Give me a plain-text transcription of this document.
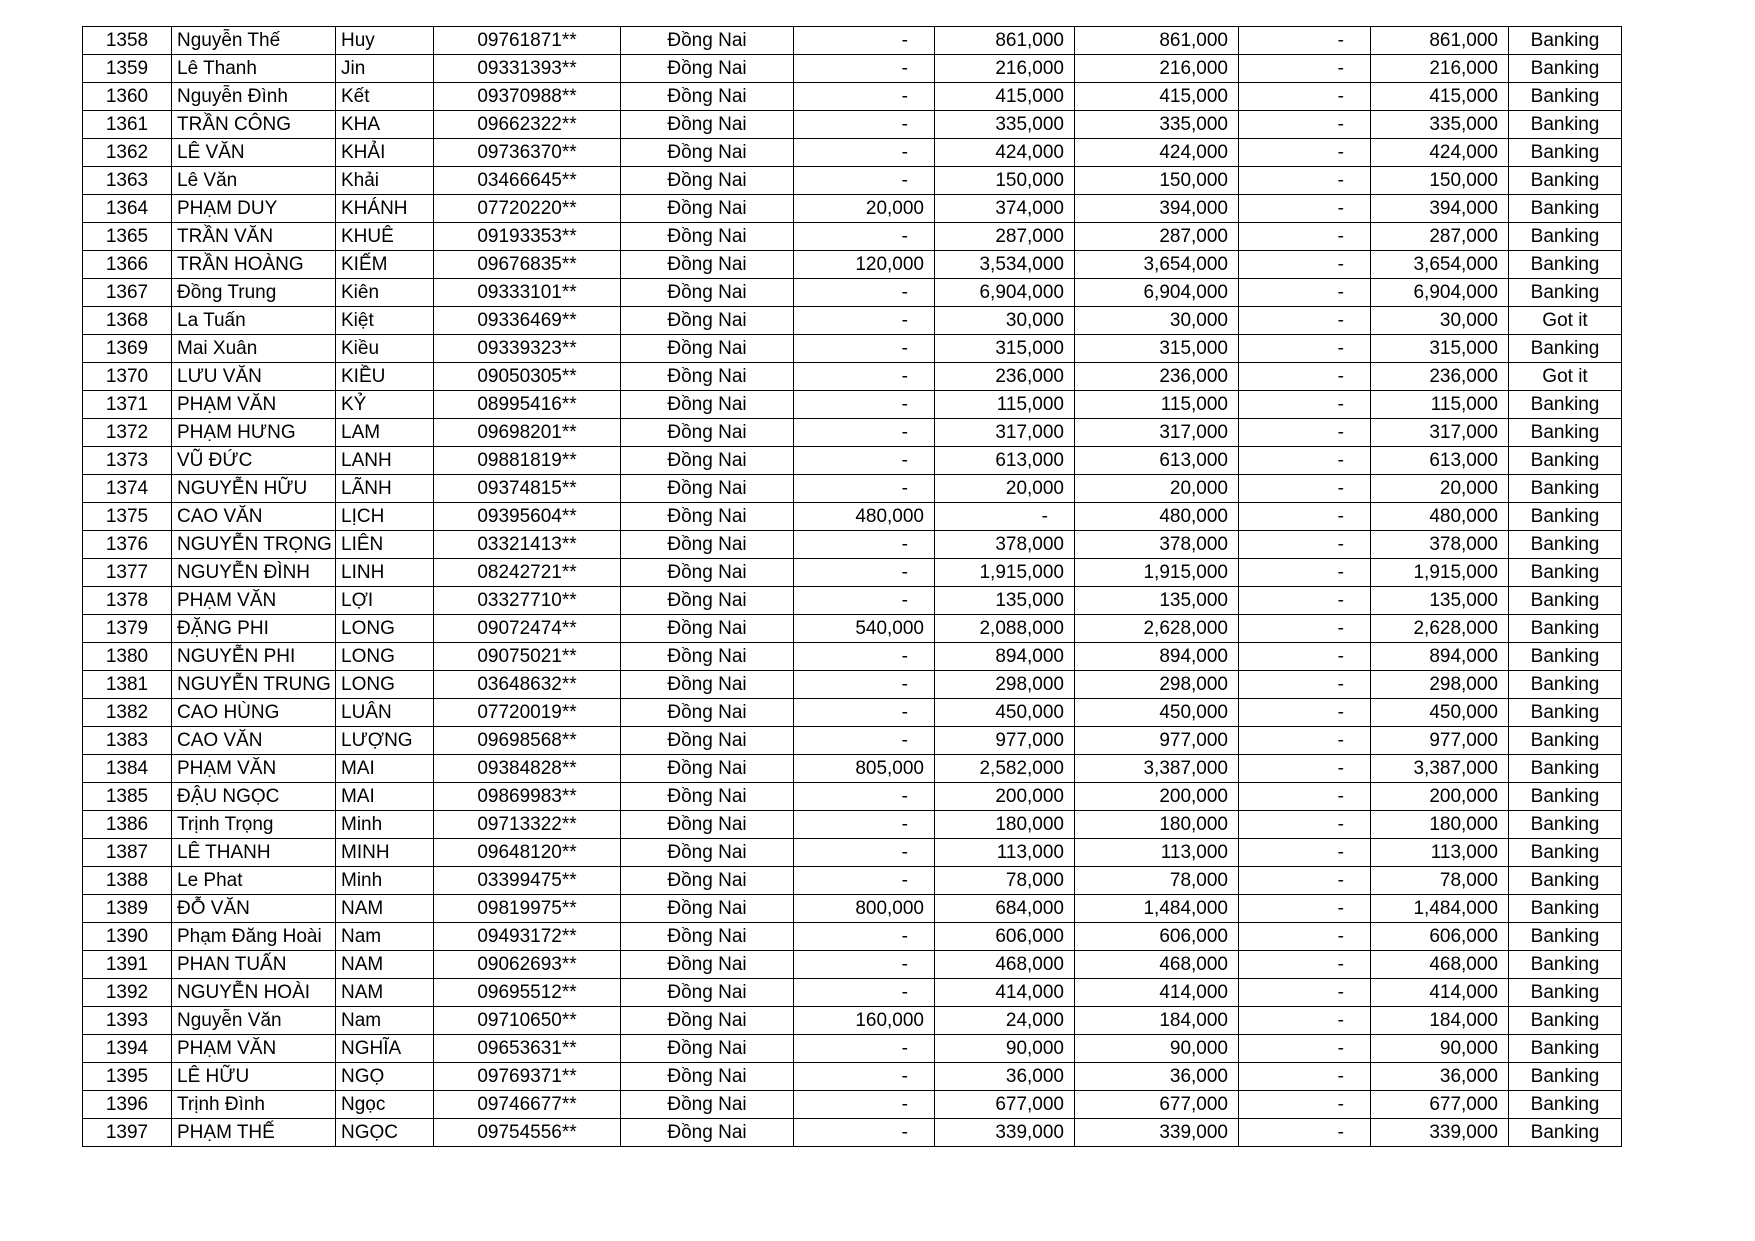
1358	Nguyễn Thế	Huy	09761871**	Đồng Nai	-	861,000	861,000	-	861,000	Banking
1359	Lê Thanh	Jin	09331393**	Đồng Nai	-	216,000	216,000	-	216,000	Banking
1360	Nguyễn Đình	Kết	09370988**	Đồng Nai	-	415,000	415,000	-	415,000	Banking
1361	TRẦN CÔNG	KHA	09662322**	Đồng Nai	-	335,000	335,000	-	335,000	Banking
1362	LÊ VĂN	KHẢI	09736370**	Đồng Nai	-	424,000	424,000	-	424,000	Banking
1363	Lê Văn	Khải	03466645**	Đồng Nai	-	150,000	150,000	-	150,000	Banking
1364	PHẠM DUY	KHÁNH	07720220**	Đồng Nai	20,000	374,000	394,000	-	394,000	Banking
1365	TRẦN VĂN	KHUÊ	09193353**	Đồng Nai	-	287,000	287,000	-	287,000	Banking
1366	TRẦN HOÀNG	KIẾM	09676835**	Đồng Nai	120,000	3,534,000	3,654,000	-	3,654,000	Banking
1367	Đồng Trung	Kiên	09333101**	Đồng Nai	-	6,904,000	6,904,000	-	6,904,000	Banking
1368	La Tuấn	Kiệt	09336469**	Đồng Nai	-	30,000	30,000	-	30,000	Got it
1369	Mai Xuân	Kiều	09339323**	Đồng Nai	-	315,000	315,000	-	315,000	Banking
1370	LƯU VĂN	KIỀU	09050305**	Đồng Nai	-	236,000	236,000	-	236,000	Got it
1371	PHẠM VĂN	KỶ	08995416**	Đồng Nai	-	115,000	115,000	-	115,000	Banking
1372	PHẠM HƯNG	LAM	09698201**	Đồng Nai	-	317,000	317,000	-	317,000	Banking
1373	VŨ ĐỨC	LANH	09881819**	Đồng Nai	-	613,000	613,000	-	613,000	Banking
1374	NGUYỄN HỮU	LÃNH	09374815**	Đồng Nai	-	20,000	20,000	-	20,000	Banking
1375	CAO VĂN	LỊCH	09395604**	Đồng Nai	480,000	-	480,000	-	480,000	Banking
1376	NGUYỄN TRỌNG	LIÊN	03321413**	Đồng Nai	-	378,000	378,000	-	378,000	Banking
1377	NGUYỄN ĐÌNH	LINH	08242721**	Đồng Nai	-	1,915,000	1,915,000	-	1,915,000	Banking
1378	PHẠM VĂN	LỢI	03327710**	Đồng Nai	-	135,000	135,000	-	135,000	Banking
1379	ĐẶNG PHI	LONG	09072474**	Đồng Nai	540,000	2,088,000	2,628,000	-	2,628,000	Banking
1380	NGUYỄN PHI	LONG	09075021**	Đồng Nai	-	894,000	894,000	-	894,000	Banking
1381	NGUYỄN TRUNG	LONG	03648632**	Đồng Nai	-	298,000	298,000	-	298,000	Banking
1382	CAO HÙNG	LUÂN	07720019**	Đồng Nai	-	450,000	450,000	-	450,000	Banking
1383	CAO VĂN	LƯỢNG	09698568**	Đồng Nai	-	977,000	977,000	-	977,000	Banking
1384	PHẠM VĂN	MAI	09384828**	Đồng Nai	805,000	2,582,000	3,387,000	-	3,387,000	Banking
1385	ĐẬU NGỌC	MAI	09869983**	Đồng Nai	-	200,000	200,000	-	200,000	Banking
1386	Trịnh Trọng	Minh	09713322**	Đồng Nai	-	180,000	180,000	-	180,000	Banking
1387	LÊ THANH	MINH	09648120**	Đồng Nai	-	113,000	113,000	-	113,000	Banking
1388	Le Phat	Minh	03399475**	Đồng Nai	-	78,000	78,000	-	78,000	Banking
1389	ĐỖ VĂN	NAM	09819975**	Đồng Nai	800,000	684,000	1,484,000	-	1,484,000	Banking
1390	Phạm Đăng Hoài	Nam	09493172**	Đồng Nai	-	606,000	606,000	-	606,000	Banking
1391	PHAN TUẤN	NAM	09062693**	Đồng Nai	-	468,000	468,000	-	468,000	Banking
1392	NGUYỄN HOÀI	NAM	09695512**	Đồng Nai	-	414,000	414,000	-	414,000	Banking
1393	Nguyễn Văn	Nam	09710650**	Đồng Nai	160,000	24,000	184,000	-	184,000	Banking
1394	PHẠM VĂN	NGHĨA	09653631**	Đồng Nai	-	90,000	90,000	-	90,000	Banking
1395	LÊ HỮU	NGỌ	09769371**	Đồng Nai	-	36,000	36,000	-	36,000	Banking
1396	Trịnh Đình	Ngọc	09746677**	Đồng Nai	-	677,000	677,000	-	677,000	Banking
1397	PHẠM THẾ	NGỌC	09754556**	Đồng Nai	-	339,000	339,000	-	339,000	Banking
